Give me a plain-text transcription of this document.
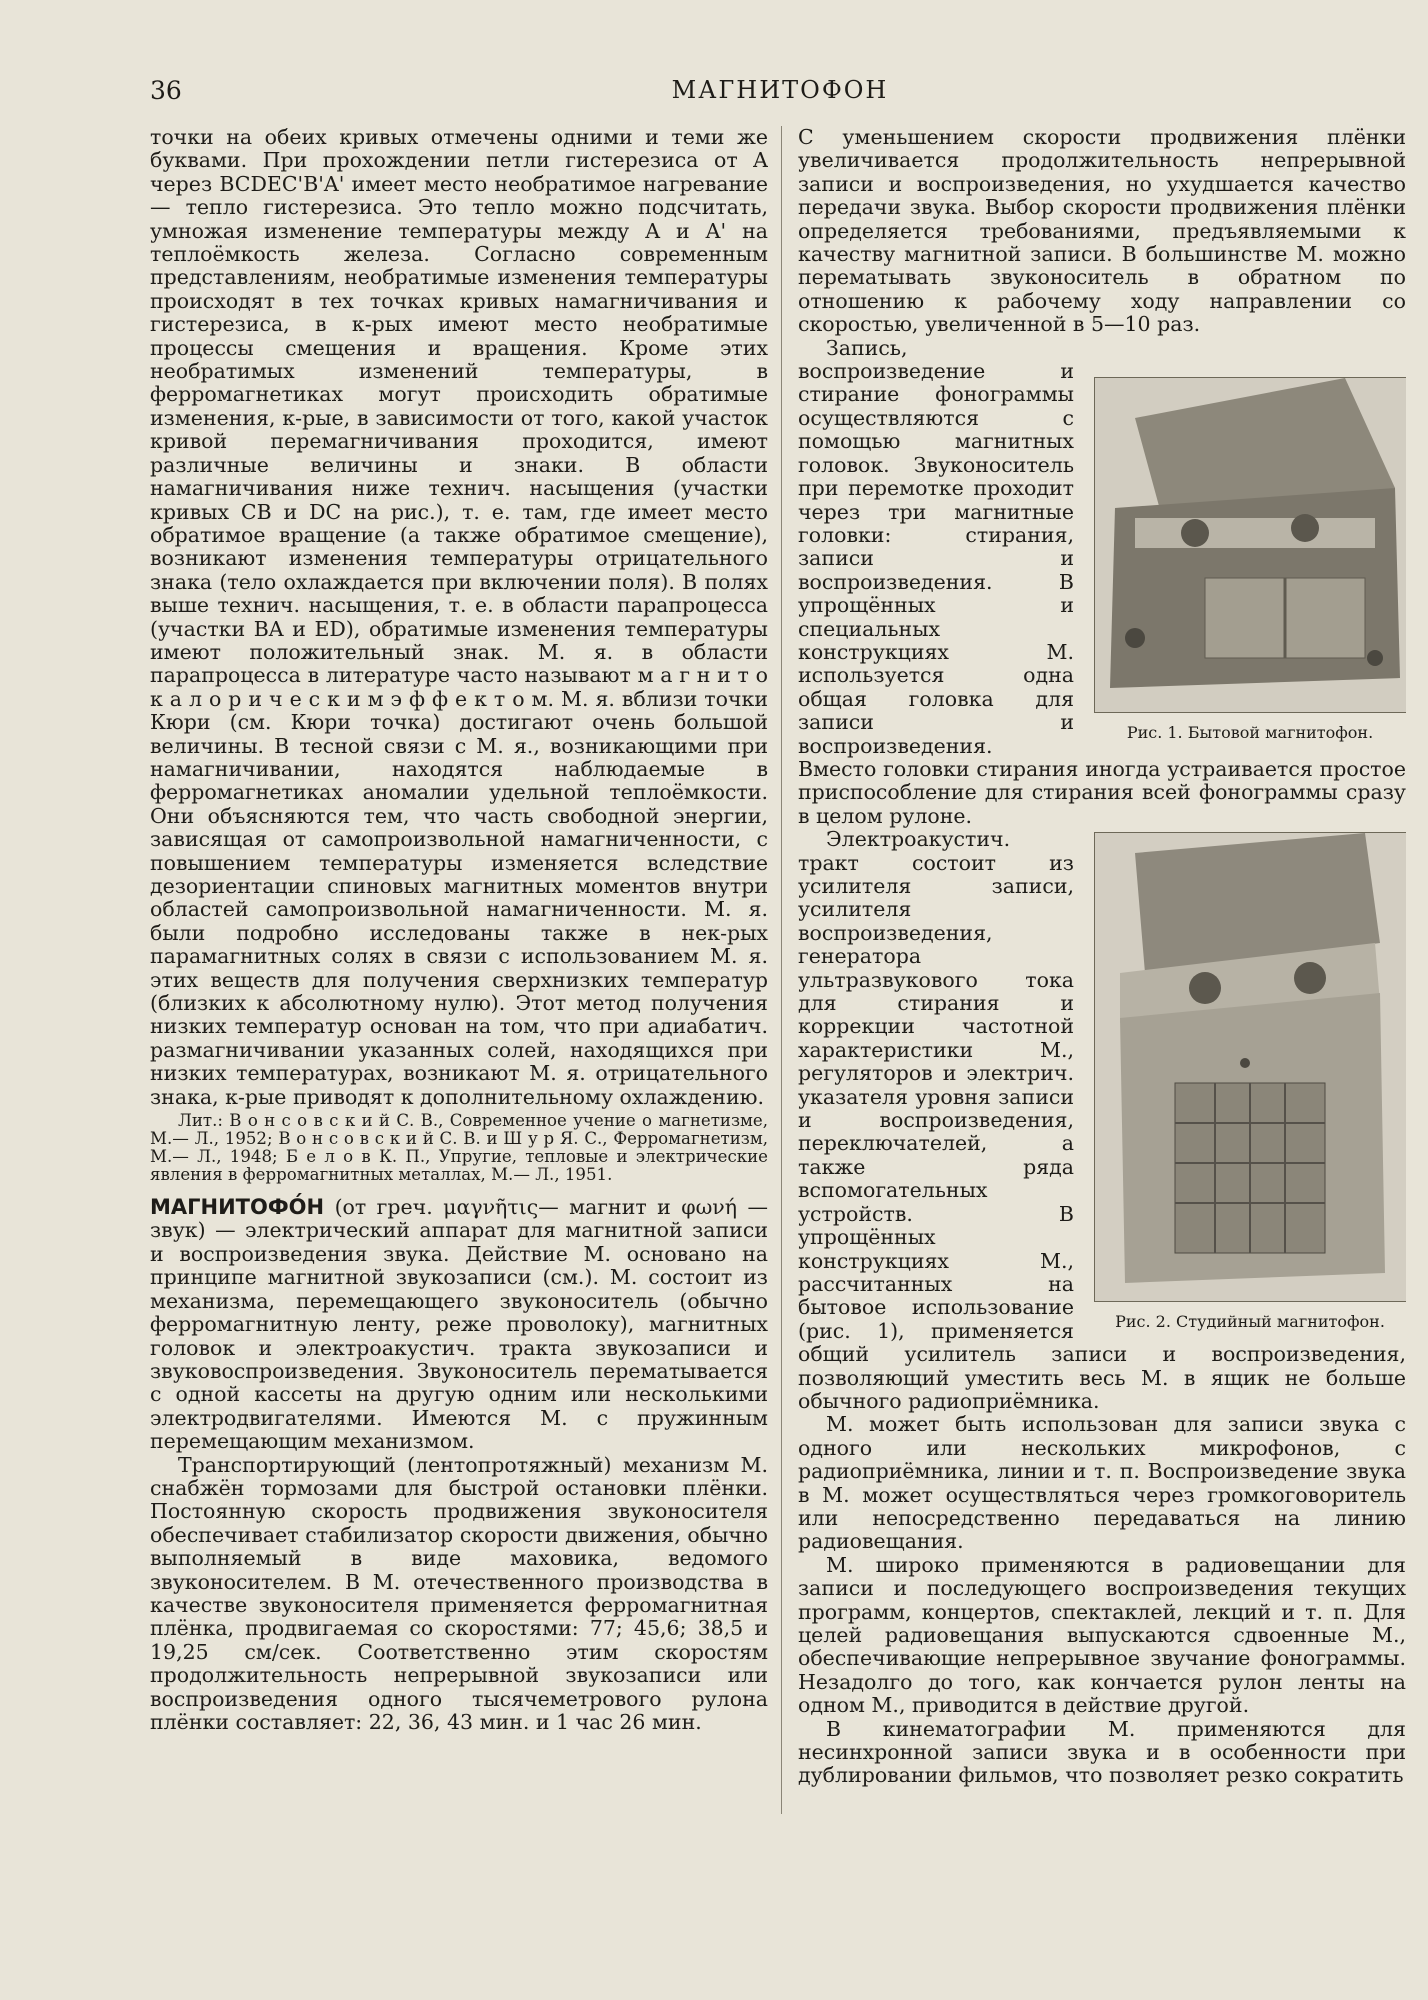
36	МАГНИТОФОН

точки на обеих кривых отмечены одними и теми же буквами. При прохождении петли гистерезиса от A через BCDEC'B'A' имеет место необратимое нагревание — тепло гистерезиса. Это тепло можно подсчитать, умножая изменение температуры между A и A' на теплоёмкость железа. Согласно современным представлениям, необратимые изменения температуры происходят в тех точках кривых намагничивания и гистерезиса, в к-рых имеют место необратимые процессы смещения и вращения. Кроме этих необратимых изменений температуры, в ферромагнетиках могут происходить обратимые изменения, к-рые, в зависимости от того, какой участок кривой перемагничивания проходится, имеют различные величины и знаки. В области намагничивания ниже технич. насыщения (участки кривых CB и DC на рис.), т. е. там, где имеет место обратимое вращение (а также обратимое смещение), возникают изменения температуры отрицательного знака (тело охлаждается при включении поля). В полях выше технич. насыщения, т. е. в области парапроцесса (участки BA и ED), обратимые изменения температуры имеют положительный знак. М. я. в области парапроцесса в литературе часто называют м а г н и т о к а л о р и ч е с к и м э ф ф е к т о м. М. я. вблизи точки Кюри (см. Кюри точка) достигают очень большой величины. В тесной связи с М. я., возникающими при намагничивании, находятся наблюдаемые в ферромагнетиках аномалии удельной теплоёмкости. Они объясняются тем, что часть свободной энергии, зависящая от самопроизвольной намагниченности, с повышением температуры изменяется вследствие дезориентации спиновых магнитных моментов внутри областей самопроизвольной намагниченности. М. я. были подробно исследованы также в нек-рых парамагнитных солях в связи с использованием М. я. этих веществ для получения сверхнизких температур (близких к абсолютному нулю). Этот метод получения низких температур основан на том, что при адиабатич. размагничивании указанных солей, находящихся при низких температурах, возникают М. я. отрицательного знака, к-рые приводят к дополнительному охлаждению.

Лит.: В о н с о в с к и й С. В., Современное учение о магнетизме, М.— Л., 1952; В о н с о в с к и й С. В. и Ш у р Я. С., Ферромагнетизм, М.— Л., 1948; Б е л о в К. П., Упругие, тепловые и электрические явления в ферромагнитных металлах, М.— Л., 1951.

МАГНИТОФО́Н (от греч. μαγνῆτις— магнит и φωνή — звук) — электрический аппарат для магнитной записи и воспроизведения звука. Действие М. основано на принципе магнитной звукозаписи (см.). М. состоит из механизма, перемещающего звуконоситель (обычно ферромагнитную ленту, реже проволоку), магнитных головок и электроакустич. тракта звукозаписи и звуковоспроизведения. Звуконоситель перематывается с одной кассеты на другую одним или несколькими электродвигателями. Имеются М. с пружинным перемещающим механизмом.

Транспортирующий (лентопротяжный) механизм М. снабжён тормозами для быстрой остановки плёнки. Постоянную скорость продвижения звуконосителя обеспечивает стабилизатор скорости движения, обычно выполняемый в виде маховика, ведомого звуконосителем. В М. отечественного производства в качестве звуконосителя применяется ферромагнитная плёнка, продвигаемая со скоростями: 77; 45,6; 38,5 и 19,25 см/сек. Соответственно этим скоростям продолжительность непрерывной звукозаписи или воспроизведения одного тысячеметрового рулона плёнки составляет: 22, 36, 43 мин. и 1 час 26 мин.

С уменьшением скорости продвижения плёнки увеличивается продолжительность непрерывной записи и воспроизведения, но ухудшается качество передачи звука. Выбор скорости продвижения плёнки определяется требованиями, предъявляемыми к качеству магнитной записи. В большинстве М. можно перематывать звуконоситель в обратном по отношению к рабочему ходу направлении со скоростью, увеличенной в 5—10 раз.

Рис. 1. Бытовой магнитофон.

Запись, воспроизведение и стирание фонограммы осуществляются с помощью магнитных головок. Звуконоситель при перемотке проходит через три магнитные головки: стирания, записи и воспроизведения. В упрощённых и специальных конструкциях М. используется одна общая головка для записи и воспроизведения. Вместо головки стирания иногда устраивается простое приспособление для стирания всей фонограммы сразу в целом рулоне.

Рис. 2. Студийный магнитофон.

Электроакустич. тракт состоит из усилителя записи, усилителя воспроизведения, генератора ультразвукового тока для стирания и коррекции частотной характеристики М., регуляторов и электрич. указателя уровня записи и воспроизведения, переключателей, а также ряда вспомогательных устройств. В упрощённых конструкциях М., рассчитанных на бытовое использование (рис. 1), применяется общий усилитель записи и воспроизведения, позволяющий уместить весь М. в ящик не больше обычного радиоприёмника.

М. может быть использован для записи звука с одного или нескольких микрофонов, с радиоприёмника, линии и т. п. Воспроизведение звука в М. может осуществляться через громкоговоритель или непосредственно передаваться на линию радиовещания.

М. широко применяются в радиовещании для записи и последующего воспроизведения текущих программ, концертов, спектаклей, лекций и т. п. Для целей радиовещания выпускаются сдвоенные М., обеспечивающие непрерывное звучание фонограммы. Незадолго до того, как кончается рулон ленты на одном М., приводится в действие другой.

В кинематографии М. применяются для несинхронной записи звука и в особенности при дублировании фильмов, что позволяет резко сократить
